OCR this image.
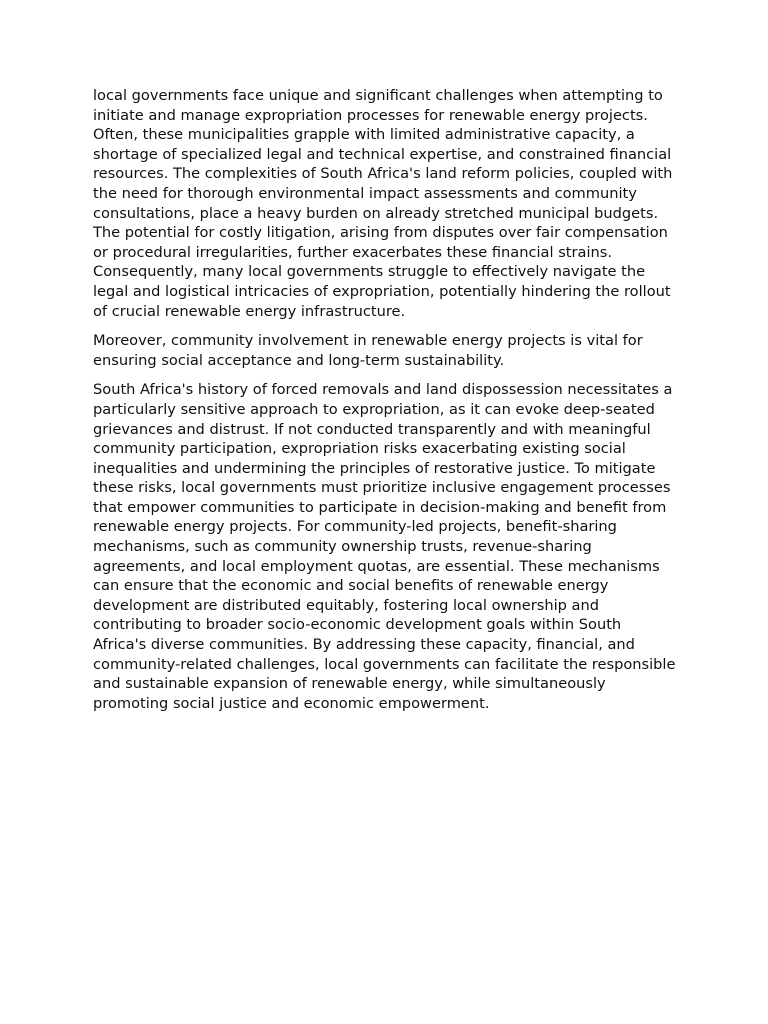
local governments face unique and significant challenges when attempting to initiate and manage expropriation processes for renewable energy projects. Often, these municipalities grapple with limited administrative capacity, a shortage of specialized legal and technical expertise, and constrained financial resources. The complexities of South Africa's land reform policies, coupled with the need for thorough environmental impact assessments and community consultations, place a heavy burden on already stretched municipal budgets. The potential for costly litigation, arising from disputes over fair compensation or procedural irregularities, further exacerbates these financial strains. Consequently, many local governments struggle to effectively navigate the legal and logistical intricacies of expropriation, potentially hindering the rollout of crucial renewable energy infrastructure.

Moreover, community involvement in renewable energy projects is vital for ensuring social acceptance and long-term sustainability.

South Africa's history of forced removals and land dispossession necessitates a particularly sensitive approach to expropriation, as it can evoke deep-seated grievances and distrust. If not conducted transparently and with meaningful community participation, expropriation risks exacerbating existing social inequalities and undermining the principles of restorative justice. To mitigate these risks, local governments must prioritize inclusive engagement processes that empower communities to participate in decision-making and benefit from renewable energy projects. For community-led projects, benefit-sharing mechanisms, such as community ownership trusts, revenue-sharing agreements, and local employment quotas, are essential. These mechanisms can ensure that the economic and social benefits of renewable energy development are distributed equitably, fostering local ownership and contributing to broader socio-economic development goals within South Africa's diverse communities. By addressing these capacity, financial, and community-related challenges, local governments can facilitate the responsible and sustainable expansion of renewable energy, while simultaneously promoting social justice and economic empowerment.
